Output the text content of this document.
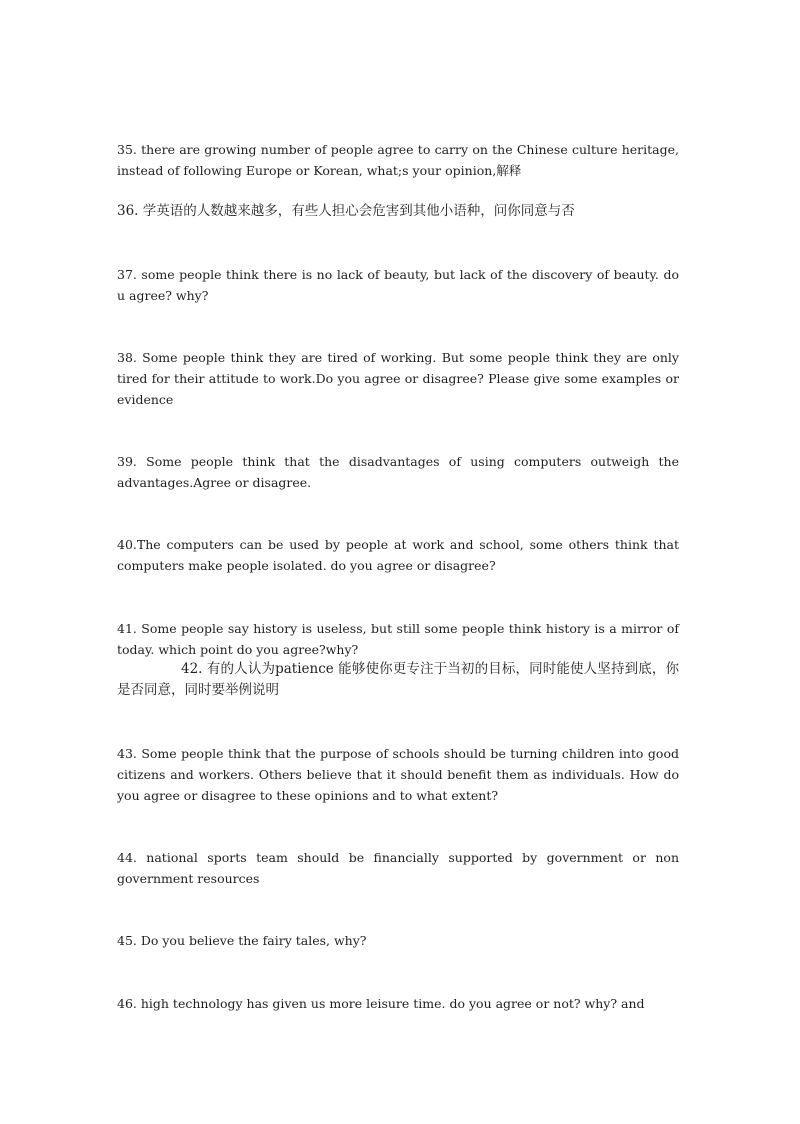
35. there are growing number of people agree to carry on the Chinese culture heritage, instead of following Europe or Korean, what;s your opinion,解释

36. 学英语的人数越来越多，有些人担心会危害到其他小语种，问你同意与否

37. some people think there is no lack of beauty, but lack of the discovery of beauty. do u agree? why?

38. Some people think they are tired of working. But some people think they are only tired for their attitude to work.Do you agree or disagree? Please give some examples or evidence

39. Some people think that the disadvantages of using computers outweigh the advantages.Agree or disagree.

40.The computers can be used by people at work and school, some others think that computers make people isolated. do you agree or disagree?

41. Some people say history is useless, but still some people think history is a mirror of today. which point do you agree?why?

42. 有的人认为patience 能够使你更专注于当初的目标，同时能使人坚持到底，你是否同意，同时要举例说明

43. Some people think that the purpose of schools should be turning children into good citizens and workers. Others believe that it should benefit them as individuals. How do you agree or disagree to these opinions and to what extent?

44. national sports team should be financially supported by government or non government resources

45. Do you believe the fairy tales, why?

46. high technology has given us more leisure time. do you agree or not? why? and
